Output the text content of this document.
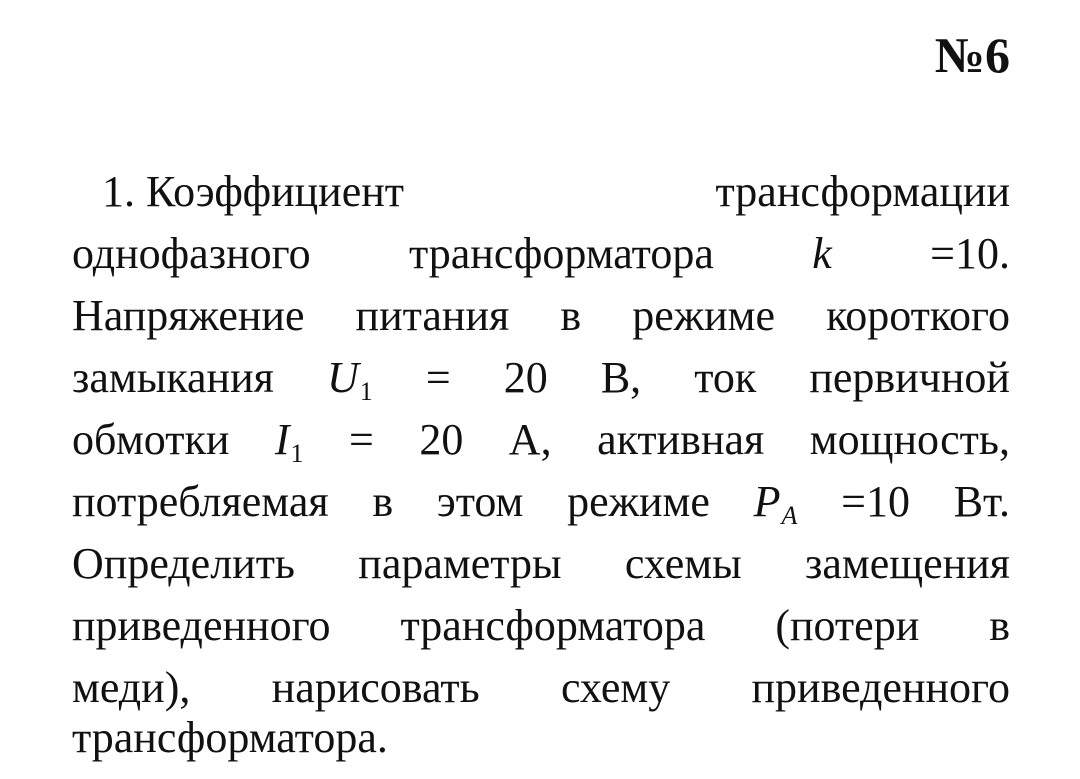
№6
1. Коэффициент	трансформации
однофазного трансформатора k =10.
Напряжение питания в режиме короткого
замыкания $U_1 = 20$ В, ток первичной
обмотки $I_1 = 20$ А, активная мощность,
потребляемая в этом режиме $P_A =10$ Вт.
Определить параметры схемы замещения
приведенного трансформатора (потери в
меди), нарисовать схему приведенного
трансформатора.
